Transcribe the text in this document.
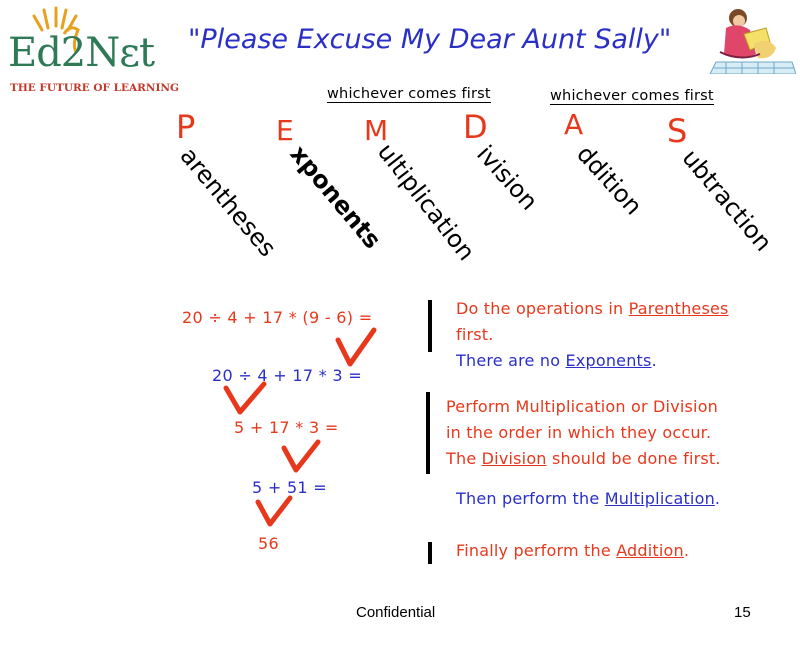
Ed2Nεt
THE FUTURE OF LEARNING
"Please Excuse My Dear Aunt Sally"
whichever comes first	whichever comes first
P	E	M D	A	S
arentheses xponents
ultiplication
ivision ddition ubtraction
20 ÷ 4 + 17 * (9 - 6) =
20 ÷ 4 + 17 * 3 =
5 + 17 * 3 =
5 + 51 =
56
Do the operations in Parentheses
first.
There are no Exponents.
Perform Multiplication or Division
in the order in which they occur.
The Division should be done first.
Then perform the Multiplication.
Finally perform the Addition.
Confidential	15
